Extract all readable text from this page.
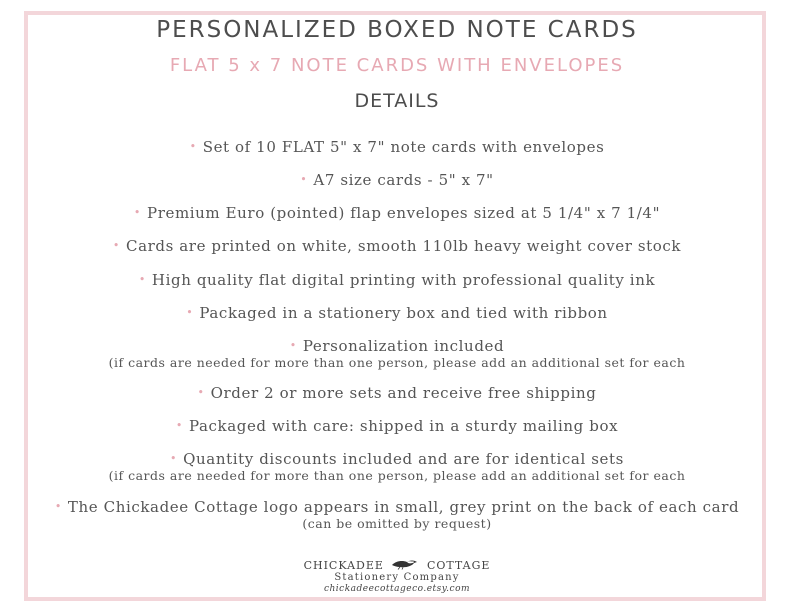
PERSONALIZED BOXED NOTE CARDS
FLAT 5 x 7 NOTE CARDS WITH ENVELOPES
DETAILS
• Set of 10 FLAT 5" x 7" note cards with envelopes
• A7 size cards - 5" x 7"
• Premium Euro (pointed) flap envelopes sized at 5 1/4" x 7 1/4"
• Cards are printed on white, smooth 110lb heavy weight cover stock
• High quality flat digital printing with professional quality ink
• Packaged in a stationery box and tied with ribbon
• Personalization included
(if cards are needed for more than one person, please add an additional set for each
• Order 2 or more sets and receive free shipping
• Packaged with care: shipped in a sturdy mailing box
• Quantity discounts included and are for identical sets
(if cards are needed for more than one person, please add an additional set for each
• The Chickadee Cottage logo appears in small, grey print on the back of each card
(can be omitted by request)
CHICKADEE	COTTAGE
Stationery Company
chickadeecottageco.etsy.com
